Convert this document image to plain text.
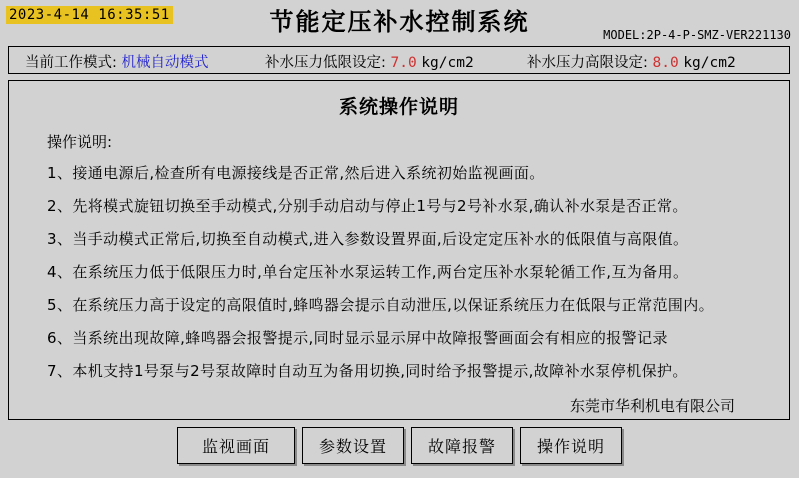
2023-4-14 16:35:51	节能定压补水控制系统	MODEL:2P-4-P-SMZ-VER221130
当前工作模式: 机械自动模式	补水压力低限设定: 7.0 kg/cm2	补水压力高限设定: 8.0 kg/cm2
系统操作说明
操作说明:
1、接通电源后,检查所有电源接线是否正常,然后进入系统初始监视画面。
2、先将模式旋钮切换至手动模式,分别手动启动与停止1号与2号补水泵,确认补水泵是否正常。
3、当手动模式正常后,切换至自动模式,进入参数设置界面,后设定定压补水的低限值与高限值。
4、在系统压力低于低限压力时,单台定压补水泵运转工作,两台定压补水泵轮循工作,互为备用。
5、在系统压力高于设定的高限值时,蜂鸣器会提示自动泄压,以保证系统压力在低限与正常范围内。
6、当系统出现故障,蜂鸣器会报警提示,同时显示显示屏中故障报警画面会有相应的报警记录
7、本机支持1号泵与2号泵故障时自动互为备用切换,同时给予报警提示,故障补水泵停机保护。
东莞市华利机电有限公司
监视画面	参数设置	故障报警	操作说明
